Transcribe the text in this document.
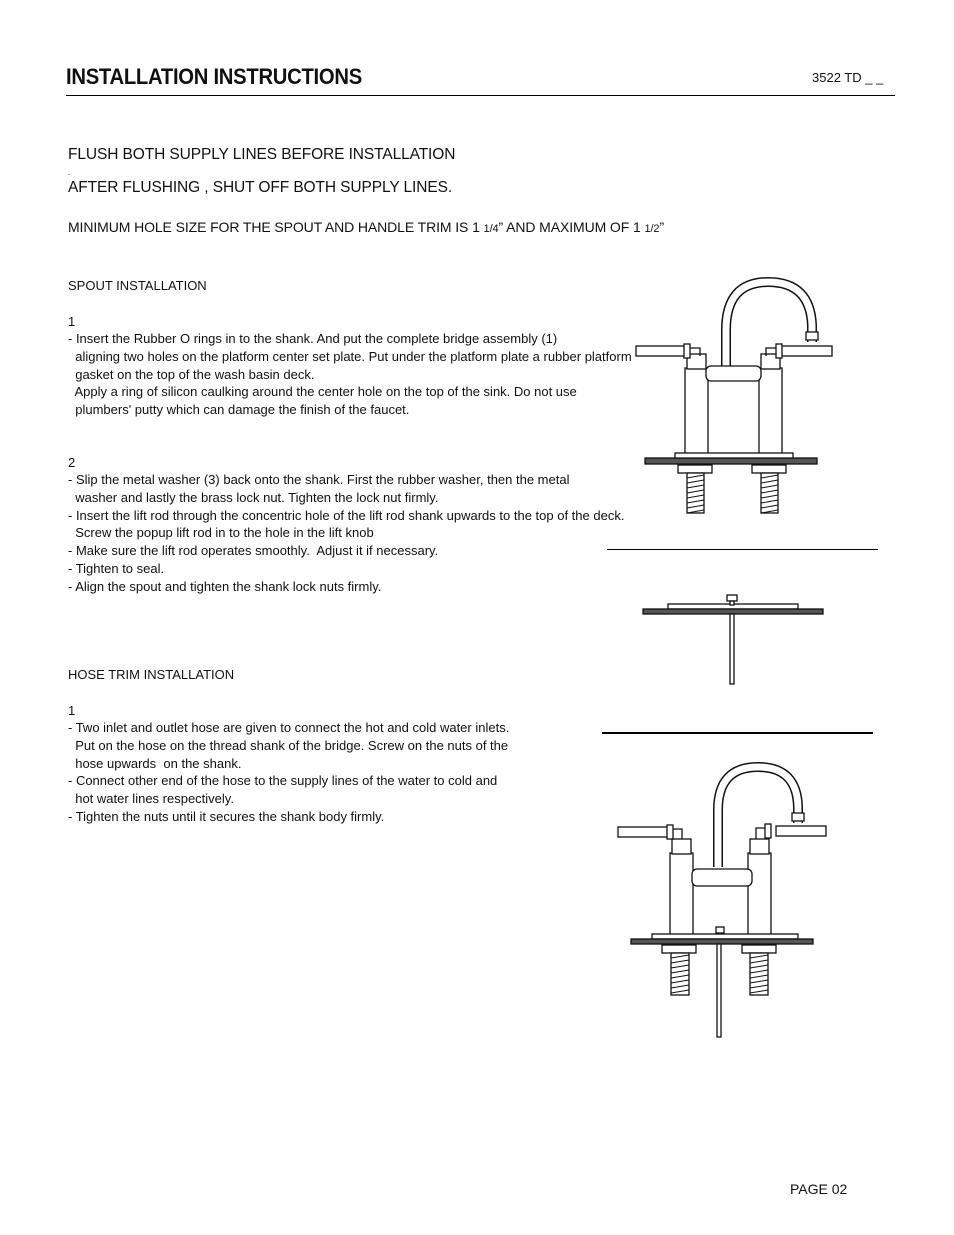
INSTALLATION INSTRUCTIONS	3522 TD _ _
FLUSH BOTH SUPPLY LINES BEFORE INSTALLATION
.
AFTER FLUSHING , SHUT OFF BOTH SUPPLY LINES.
MINIMUM HOLE SIZE FOR THE SPOUT AND HANDLE TRIM IS 1 1/4” AND MAXIMUM OF 1 1/2”
SPOUT INSTALLATION
1
- Insert the Rubber O rings in to the shank. And put the complete bridge assembly (1)
aligning two holes on the platform center set plate. Put under the platform plate a rubber platform
gasket on the top of the wash basin deck.
Apply a ring of silicon caulking around the center hole on the top of the sink. Do not use
plumbers' putty which can damage the finish of the faucet.
2
- Slip the metal washer (3) back onto the shank. First the rubber washer, then the metal
washer and lastly the brass lock nut. Tighten the lock nut firmly.
- Insert the lift rod through the concentric hole of the lift rod shank upwards to the top of the deck.
Screw the popup lift rod in to the hole in the lift knob
- Make sure the lift rod operates smoothly.  Adjust it if necessary.
- Tighten to seal.
- Align the spout and tighten the shank lock nuts firmly.
HOSE TRIM INSTALLATION
1
- Two inlet and outlet hose are given to connect the hot and cold water inlets.
Put on the hose on the thread shank of the bridge. Screw on the nuts of the
hose upwards  on the shank.
- Connect other end of the hose to the supply lines of the water to cold and
hot water lines respectively.
- Tighten the nuts until it secures the shank body firmly.
PAGE 02
